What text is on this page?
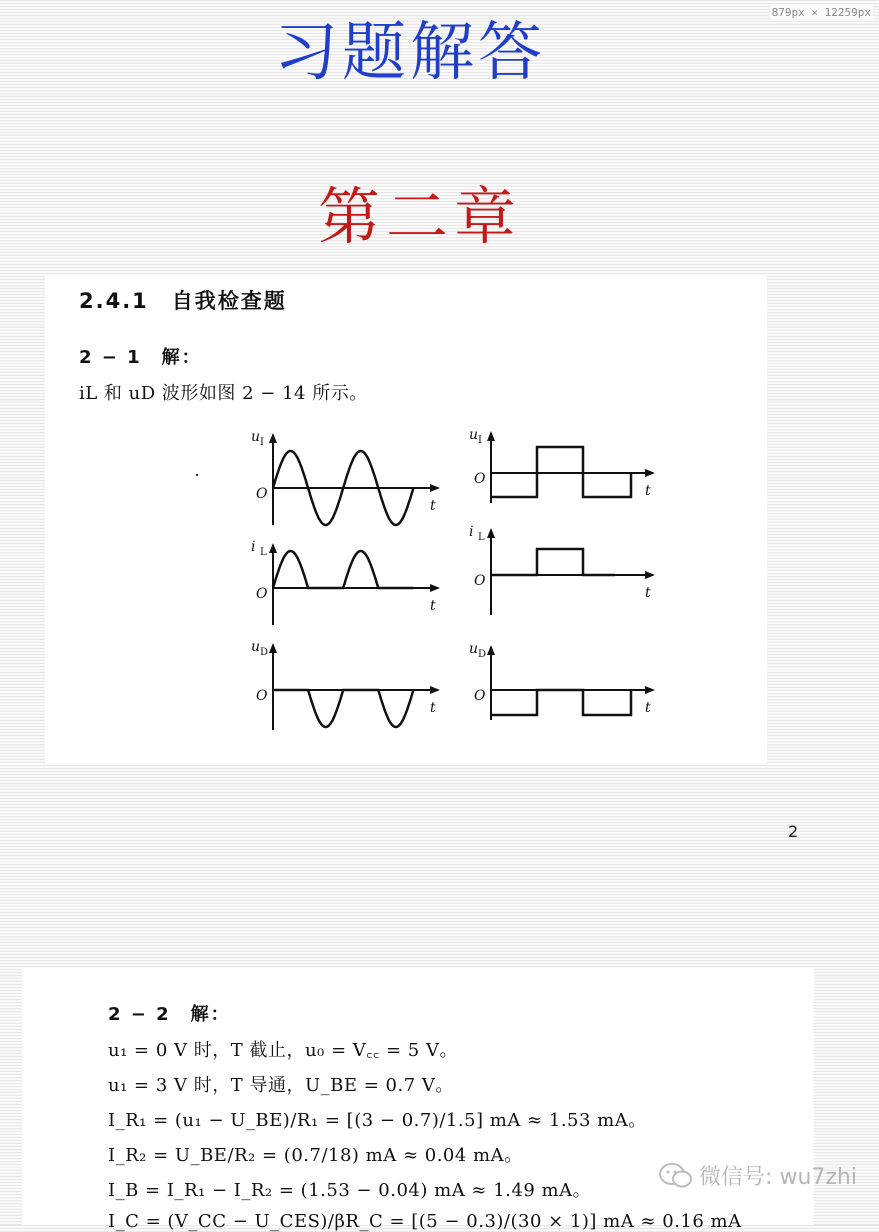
879px × 12259px
习题解答
第二章
2.4.1　自我检查题
2 − 1　解：
iL 和 uD 波形如图 2 − 14 所示。
O
t
u I
O
t
u I
O
t
i L
O
t
i L
O
t
u D
O
t
u D
2
2 − 2　解：
u₁ = 0 V 时，T 截止，u₀ = V꜀꜀ = 5 V。
u₁ = 3 V 时，T 导通，U_BE = 0.7 V。
I_R₁ = (u₁ − U_BE)/R₁ = [(3 − 0.7)/1.5] mA ≈ 1.53 mA。
I_R₂ = U_BE/R₂ = (0.7/18) mA ≈ 0.04 mA。
I_B = I_R₁ − I_R₂ = (1.53 − 0.04) mA ≈ 1.49 mA。
I_C = (V_CC − U_CES)/βR_C = [(5 − 0.3)/(30 × 1)] mA ≈ 0.16 mA
微信号: wu7zhi
